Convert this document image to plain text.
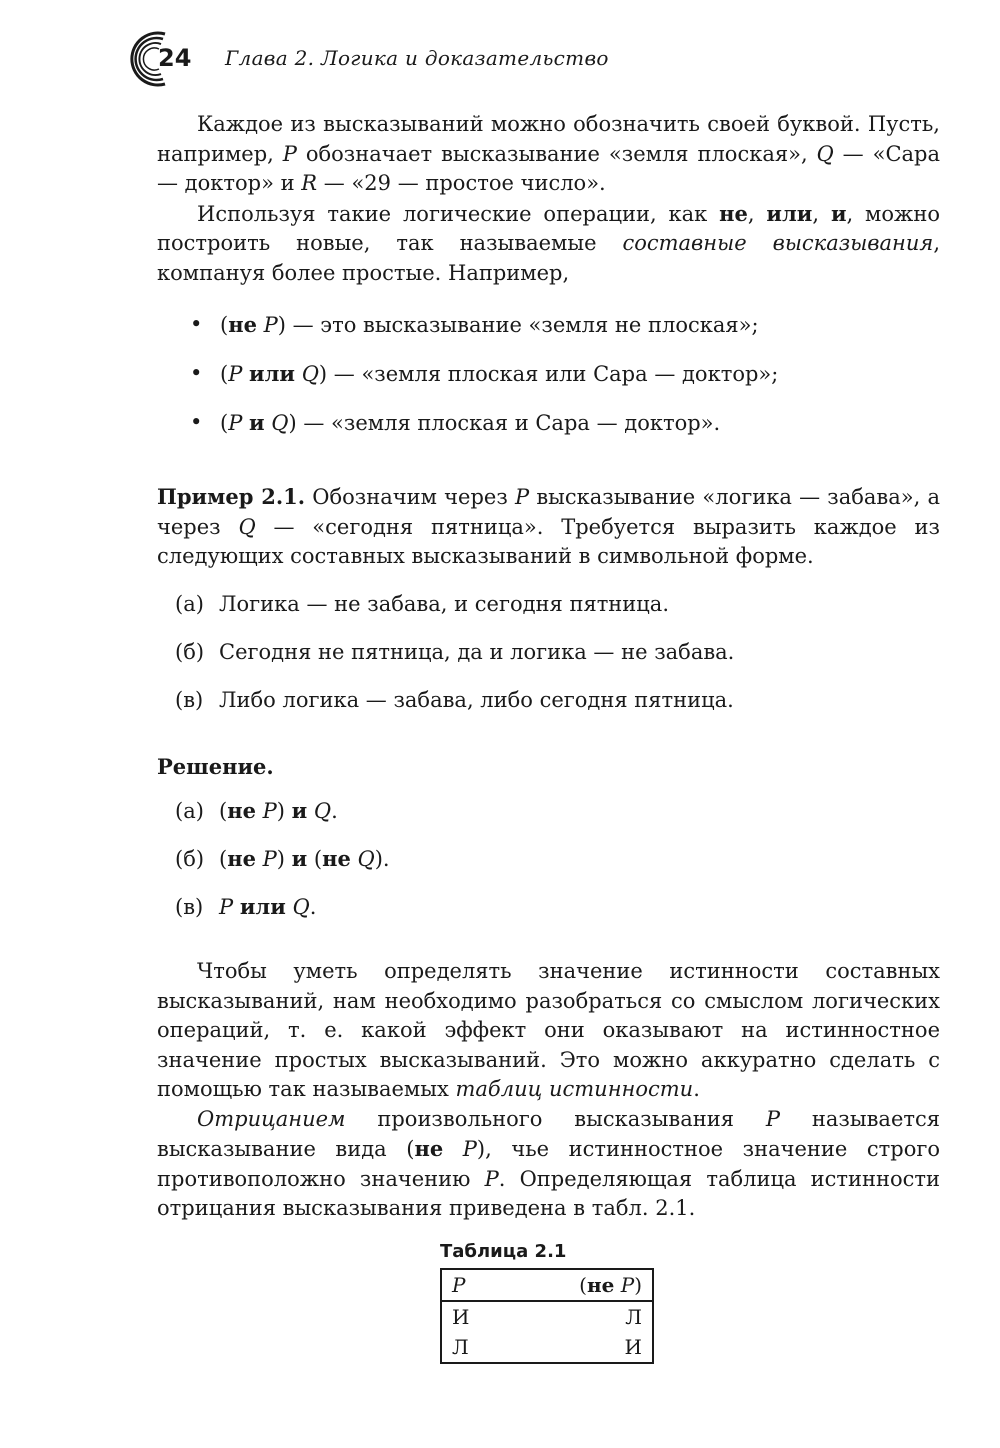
24 Глава 2. Логика и доказательство

Каждое из высказываний можно обозначить своей буквой. Пусть, например, P обозначает высказывание «земля плоская», Q — «Сара — доктор» и R — «29 — простое число».

Используя такие логические операции, как не, или, и, можно построить новые, так называемые составные высказывания, компануя более простые. Например,

• (не P) — это высказывание «земля не плоская»;
• (P или Q) — «земля плоская или Сара — доктор»;
• (P и Q) — «земля плоская и Сара — доктор».

Пример 2.1. Обозначим через P высказывание «логика — забава», а через Q — «сегодня пятница». Требуется выразить каждое из следующих составных высказываний в символьной форме.

(а) Логика — не забава, и сегодня пятница.
(б) Сегодня не пятница, да и логика — не забава.
(в) Либо логика — забава, либо сегодня пятница.
Решение.
(а) (не P) и Q.
(б) (не P) и (не Q).
(в) P или Q.

Чтобы уметь определять значение истинности составных высказываний, нам необходимо разобраться со смыслом логических операций, т. е. какой эффект они оказывают на истинностное значение простых высказываний. Это можно аккуратно сделать с помощью так называемых таблиц истинности.

Отрицанием произвольного высказывания P называется высказывание вида (не P), чье истинностное значение строго противоположно значению P. Определяющая таблица истинности отрицания высказывания приведена в табл. 2.1.

Таблица 2.1
P	(не P)
И	Л
Л	И
